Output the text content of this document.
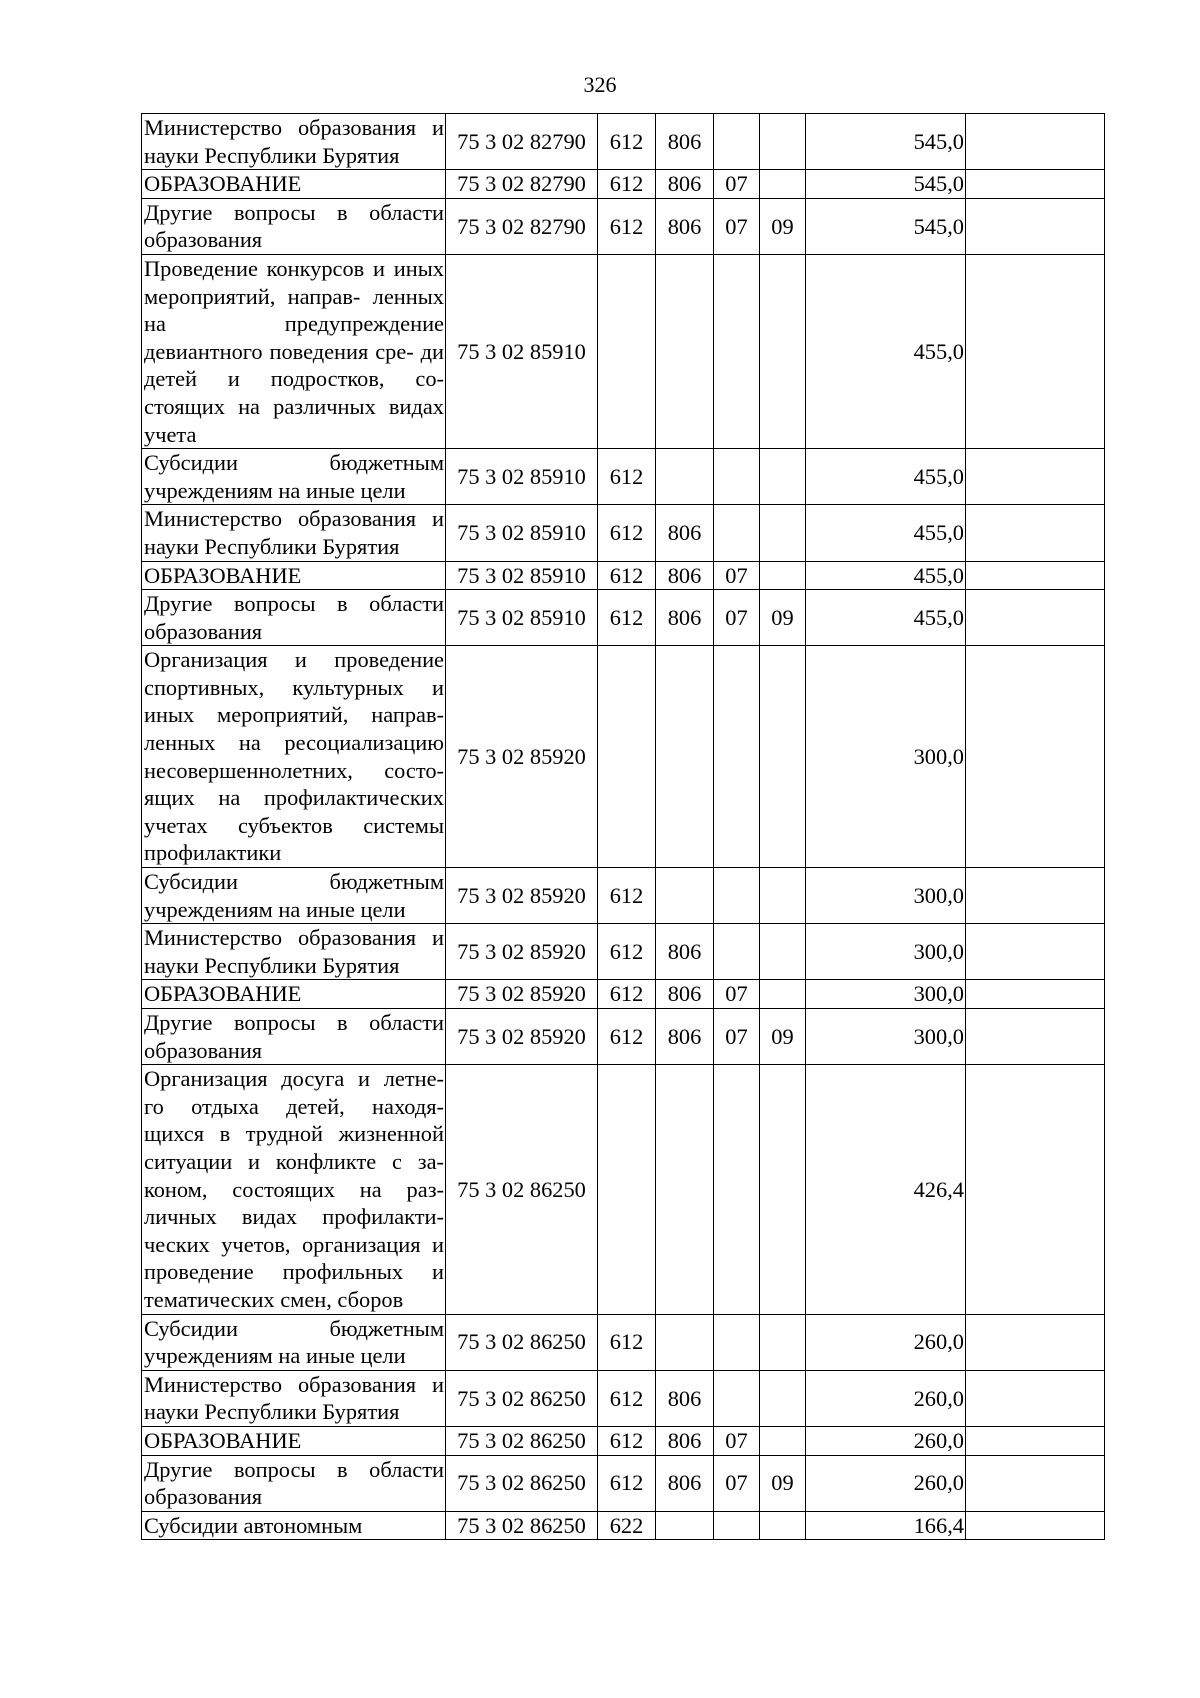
326
Министерство образования и науки Республики Бурятия	75 3 02 82790	612	806			545,0	
ОБРАЗОВАНИЕ	75 3 02 82790	612	806	07		545,0	
Другие вопросы в области образования	75 3 02 82790	612	806	07	09	545,0	
Проведение конкурсов и иных мероприятий, направ- ленных на предупреждение девиантного поведения сре- ди детей и подростков, со- стоящих на различных видах учета	75 3 02 85910					455,0	
Субсидии бюджетным учреждениям на иные цели	75 3 02 85910	612				455,0	
Министерство образования и науки Республики Бурятия	75 3 02 85910	612	806			455,0	
ОБРАЗОВАНИЕ	75 3 02 85910	612	806	07		455,0	
Другие вопросы в области образования	75 3 02 85910	612	806	07	09	455,0	
Организация и проведение спортивных, культурных и иных мероприятий, направ- ленных на ресоциализацию несовершеннолетних, состо- ящих на профилактических учетах субъектов системы профилактики	75 3 02 85920					300,0	
Субсидии бюджетным учреждениям на иные цели	75 3 02 85920	612				300,0	
Министерство образования и науки Республики Бурятия	75 3 02 85920	612	806			300,0	
ОБРАЗОВАНИЕ	75 3 02 85920	612	806	07		300,0	
Другие вопросы в области образования	75 3 02 85920	612	806	07	09	300,0	
Организация досуга и летне- го отдыха детей, находя- щихся в трудной жизненной ситуации и конфликте с за- коном, состоящих на раз- личных видах профилакти- ческих учетов, организация и проведение профильных и тематических смен, сборов	75 3 02 86250					426,4	
Субсидии бюджетным учреждениям на иные цели	75 3 02 86250	612				260,0	
Министерство образования и науки Республики Бурятия	75 3 02 86250	612	806			260,0	
ОБРАЗОВАНИЕ	75 3 02 86250	612	806	07		260,0	
Другие вопросы в области образования	75 3 02 86250	612	806	07	09	260,0	
Субсидии автономным	75 3 02 86250	622				166,4	
